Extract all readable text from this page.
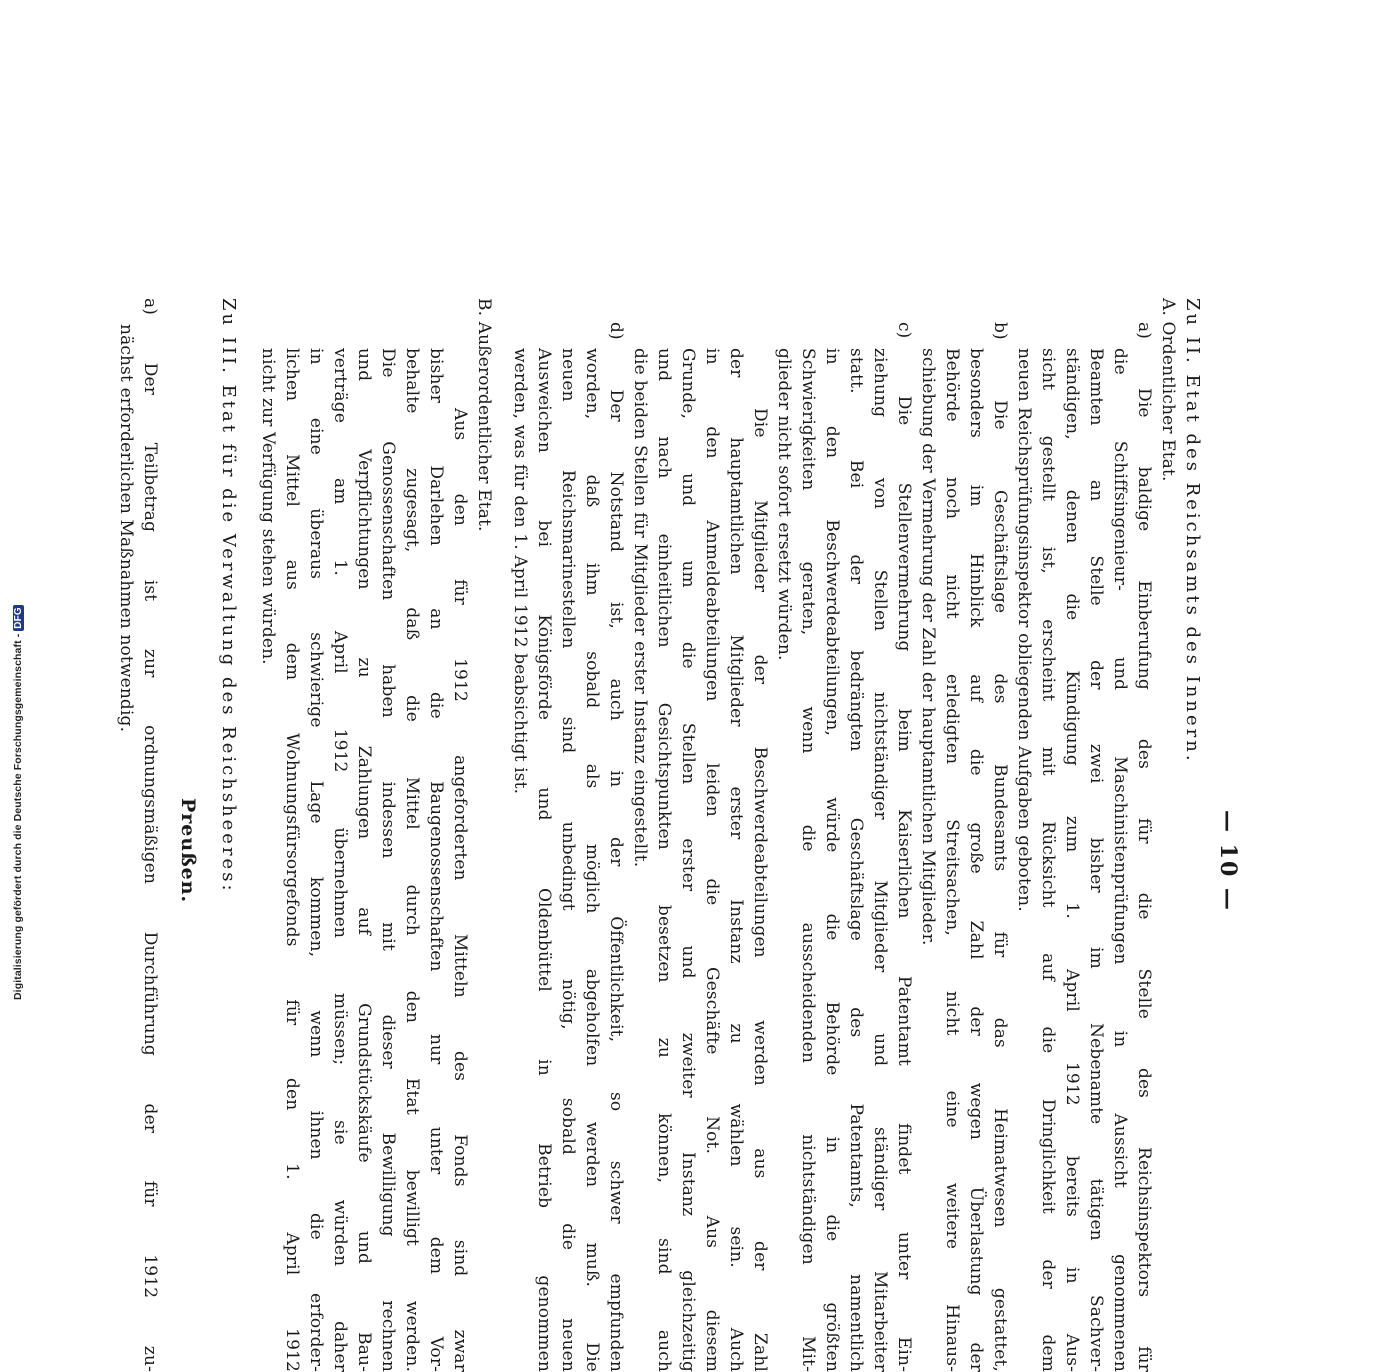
— 10 —
Zu II. Etat des Reichsamts des Innern.
A. Ordentlicher Etat.
a) Die baldige Einberufung des für die Stelle des Reichsinspektors für
die Schiffsingenieur- und Maschinistenprüfungen in Aussicht genommenen
Beamten an Stelle der zwei bisher im Nebenamte tätigen Sachver-
ständigen, denen die Kündigung zum 1. April 1912 bereits in Aus-
sicht gestellt ist, erscheint mit Rücksicht auf die Dringlichkeit der dem
neuen Reichsprüfungsinspektor obliegenden Aufgaben geboten.
b) Die Geschäftslage des Bundesamts für das Heimatwesen gestattet,
besonders im Hinblick auf die große Zahl der wegen Überlastung der
Behörde noch nicht erledigten Streitsachen, nicht eine weitere Hinaus-
schiebung der Vermehrung der Zahl der hauptamtlichen Mitglieder.
c) Die Stellenvermehrung beim Kaiserlichen Patentamt findet unter Ein-
ziehung von Stellen nichtständiger Mitglieder und ständiger Mitarbeiter
statt. Bei der bedrängten Geschäftslage des Patentamts, namentlich
in den Beschwerdeabteilungen, würde die Behörde in die größten
Schwierigkeiten geraten, wenn die ausscheidenden nichtständigen Mit-
glieder nicht sofort ersetzt würden.
Die Mitglieder der Beschwerdeabteilungen werden aus der Zahl
der hauptamtlichen Mitglieder erster Instanz zu wählen sein. Auch
in den Anmeldeabteilungen leiden die Geschäfte Not. Aus diesem
Grunde, und um die Stellen erster und zweiter Instanz gleichzeitig
und nach einheitlichen Gesichtspunkten besetzen zu können, sind auch
die beiden Stellen für Mitglieder erster Instanz eingestellt.
d) Der Notstand ist, auch in der Öffentlichkeit, so schwer empfunden
worden, daß ihm sobald als möglich abgeholfen werden muß. Die
neuen Reichsmarinestellen sind unbedingt nötig, sobald die neuen
Ausweichen bei Königsförde und Oldenbüttel in Betrieb genommen
werden, was für den 1. April 1912 beabsichtigt ist.
B. Außerordentlicher Etat.
Aus den für 1912 angeforderten Mitteln des Fonds sind zwar
bisher Darlehen an die Baugenossenschaften nur unter dem Vor-
behalte zugesagt, daß die Mittel durch den Etat bewilligt werden.
Die Genossenschaften haben indessen mit dieser Bewilligung rechnen
und Verpflichtungen zu Zahlungen auf Grundstückskäufe und Bau-
verträge am 1. April 1912 übernehmen müssen; sie würden daher
in eine überaus schwierige Lage kommen, wenn ihnen die erforder-
lichen Mittel aus dem Wohnungsfürsorgefonds für den 1. April 1912
nicht zur Verfügung stehen würden.
Zu III. Etat für die Verwaltung des Reichsheeres:
Preußen.
a) Der Teilbetrag ist zur ordnungsmäßigen Durchführung der für 1912 zu-
nächst erforderlichen Maßnahmen notwendig.
Digitalisierung gefördert durch die Deutsche Forschungsgemeinschaft -DFG
